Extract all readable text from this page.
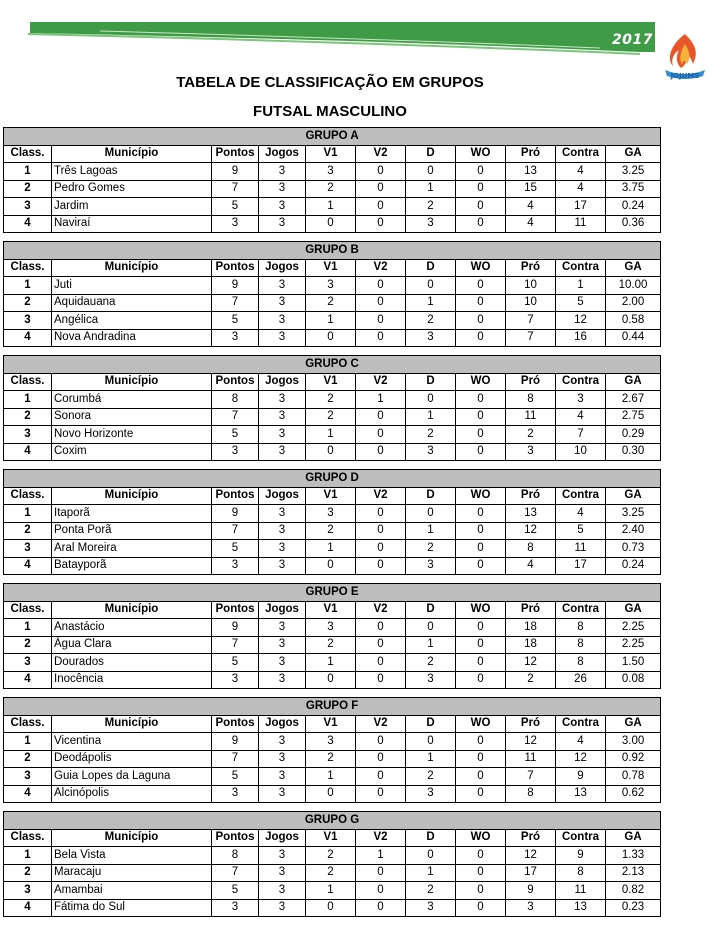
2017
JOJUMS
TABELA DE CLASSIFICAÇÃO EM GRUPOS
FUTSAL MASCULINO
GRUPO A										
Class.	Município	Pontos	Jogos	V1	V2	D	WO	Pró	Contra	GA
1	Três Lagoas	9	3	3	0	0	0	13	4	3.25
2	Pedro Gomes	7	3	2	0	1	0	15	4	3.75
3	Jardim	5	3	1	0	2	0	4	17	0.24
4	Naviraí	3	3	0	0	3	0	4	11	0.36
GRUPO B										
Class.	Município	Pontos	Jogos	V1	V2	D	WO	Pró	Contra	GA
1	Juti	9	3	3	0	0	0	10	1	10.00
2	Aquidauana	7	3	2	0	1	0	10	5	2.00
3	Angélica	5	3	1	0	2	0	7	12	0.58
4	Nova Andradina	3	3	0	0	3	0	7	16	0.44
GRUPO C										
Class.	Município	Pontos	Jogos	V1	V2	D	WO	Pró	Contra	GA
1	Corumbá	8	3	2	1	0	0	8	3	2.67
2	Sonora	7	3	2	0	1	0	11	4	2.75
3	Novo Horizonte	5	3	1	0	2	0	2	7	0.29
4	Coxim	3	3	0	0	3	0	3	10	0.30
GRUPO D										
Class.	Município	Pontos	Jogos	V1	V2	D	WO	Pró	Contra	GA
1	Itaporã	9	3	3	0	0	0	13	4	3.25
2	Ponta Porã	7	3	2	0	1	0	12	5	2.40
3	Aral Moreira	5	3	1	0	2	0	8	11	0.73
4	Batayporã	3	3	0	0	3	0	4	17	0.24
GRUPO E										
Class.	Município	Pontos	Jogos	V1	V2	D	WO	Pró	Contra	GA
1	Anastácio	9	3	3	0	0	0	18	8	2.25
2	Água Clara	7	3	2	0	1	0	18	8	2.25
3	Dourados	5	3	1	0	2	0	12	8	1.50
4	Inocência	3	3	0	0	3	0	2	26	0.08
GRUPO F										
Class.	Município	Pontos	Jogos	V1	V2	D	WO	Pró	Contra	GA
1	Vicentina	9	3	3	0	0	0	12	4	3.00
2	Deodápolis	7	3	2	0	1	0	11	12	0.92
3	Guia Lopes da Laguna	5	3	1	0	2	0	7	9	0.78
4	Alcinópolis	3	3	0	0	3	0	8	13	0.62
GRUPO G										
Class.	Município	Pontos	Jogos	V1	V2	D	WO	Pró	Contra	GA
1	Bela Vista	8	3	2	1	0	0	12	9	1.33
2	Maracaju	7	3	2	0	1	0	17	8	2.13
3	Amambai	5	3	1	0	2	0	9	11	0.82
4	Fátima do Sul	3	3	0	0	3	0	3	13	0.23
